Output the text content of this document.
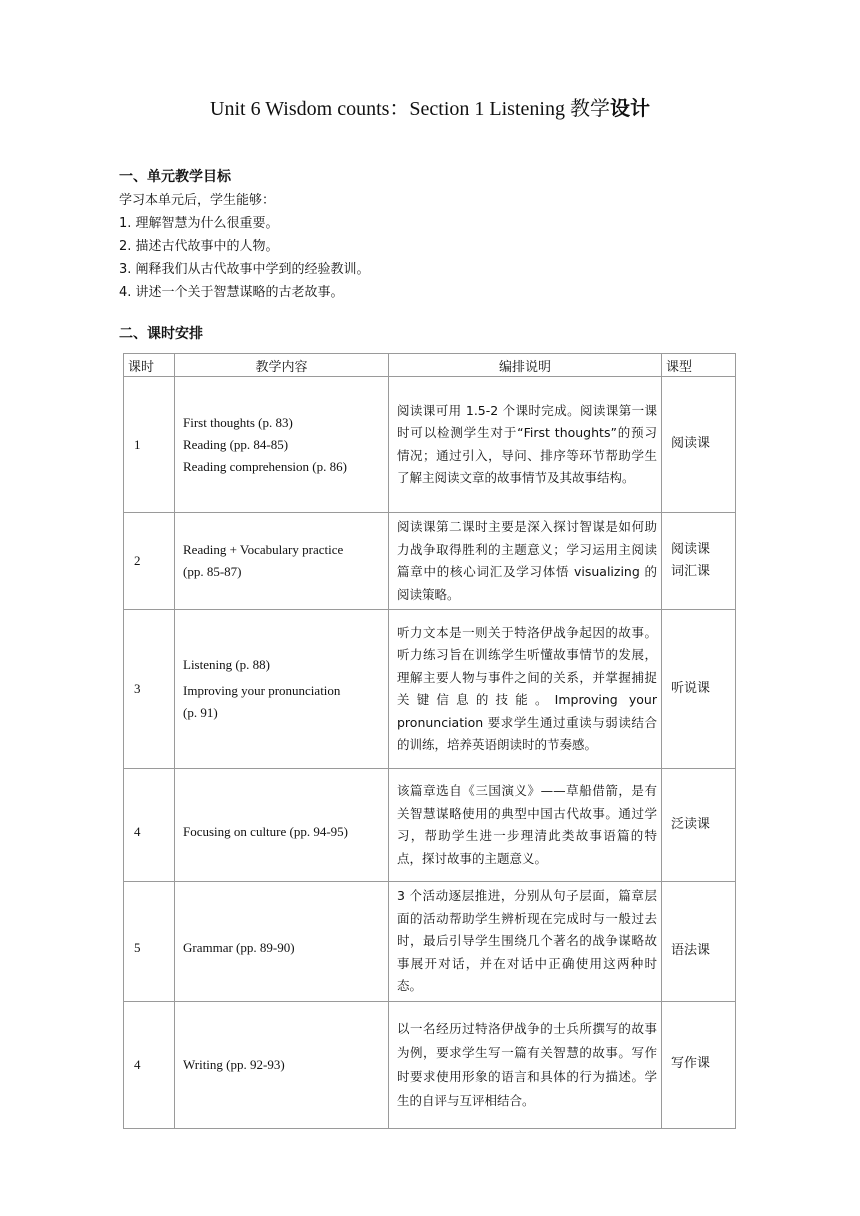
Unit 6 Wisdom counts：Section 1 Listening 教学设计
一、单元教学目标
学习本单元后，学生能够：
1. 理解智慧为什么很重要。
2. 描述古代故事中的人物。
3. 阐释我们从古代故事中学到的经验教训。
4. 讲述一个关于智慧谋略的古老故事。
二、课时安排
课时	教学内容	编排说明	课型
1	First thoughts (p. 83)
Reading (pp. 84-85)
Reading comprehension (p. 86)	阅读课可用 1.5-2 个课时完成。阅读课第一课时可以检测学生对于“First thoughts”的预习情况；通过引入，导问、排序等环节帮助学生了解主阅读文章的故事情节及其故事结构。	阅读课

2	Reading + Vocabulary practice
(pp. 85-87)	阅读课第二课时主要是深入探讨智谋是如何助力战争取得胜利的主题意义；学习运用主阅读篇章中的核心词汇及学习体悟 visualizing 的阅读策略。	阅读课
词汇课

3	Listening (p. 88)
Improving your pronunciation
(p. 91)	听力文本是一则关于特洛伊战争起因的故事。听力练习旨在训练学生听懂故事情节的发展，理解主要人物与事件之间的关系，并掌握捕捉关键信息的技能。Improving your pronunciation 要求学生通过重读与弱读结合的训练，培养英语朗读时的节奏感。	听说课

4	Focusing on culture (pp. 94-95)	该篇章选自《三国演义》——草船借箭，是有关智慧谋略使用的典型中国古代故事。通过学习，帮助学生进一步理清此类故事语篇的特点，探讨故事的主题意义。	泛读课

5	Grammar (pp. 89-90)	3 个活动逐层推进，分别从句子层面，篇章层面的活动帮助学生辨析现在完成时与一般过去时，最后引导学生围绕几个著名的战争谋略故事展开对话，并在对话中正确使用这两种时态。	语法课

4	Writing (pp. 92-93)	以一名经历过特洛伊战争的士兵所撰写的故事为例，要求学生写一篇有关智慧的故事。写作时要求使用形象的语言和具体的行为描述。学生的自评与互评相结合。	写作课
